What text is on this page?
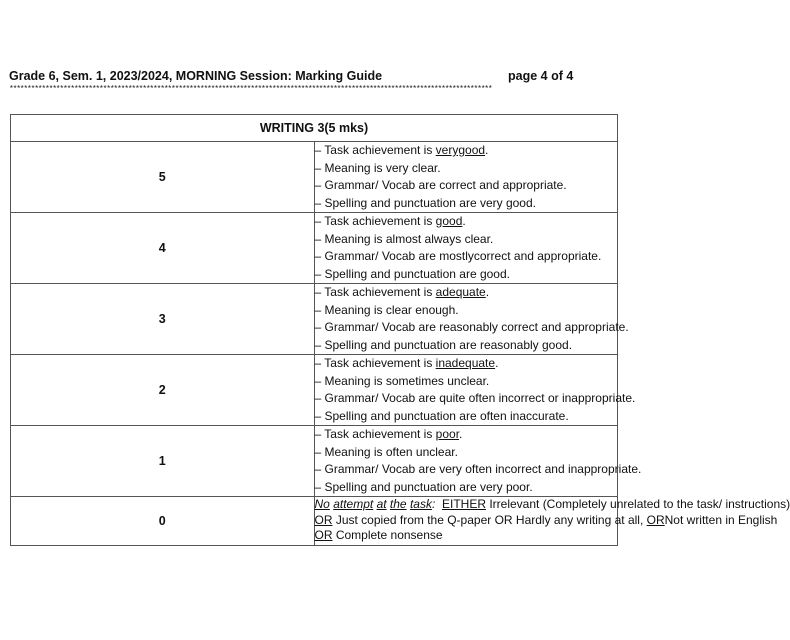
Grade 6, Sem. 1, 2023/2024, MORNING Session: Marking Guide	page 4 of 4
**************************************************************************************************************************************
WRITING 3(5 mks)	
5	– Task achievement is verygood.
– Meaning is very clear.
– Grammar/ Vocab are correct and appropriate.
– Spelling and punctuation are very good.

4	– Task achievement is good.
– Meaning is almost always clear.
– Grammar/ Vocab are mostlycorrect and appropriate.
– Spelling and punctuation are good.

3	– Task achievement is adequate.
– Meaning is clear enough.
– Grammar/ Vocab are reasonably correct and appropriate.
– Spelling and punctuation are reasonably good.

2	– Task achievement is inadequate.
– Meaning is sometimes unclear.
– Grammar/ Vocab are quite often incorrect or inappropriate.
– Spelling and punctuation are often inaccurate.

1	– Task achievement is poor.
– Meaning is often unclear.
– Grammar/ Vocab are very often incorrect and inappropriate.
– Spelling and punctuation are very poor.

0	No attempt at the task: EITHER Irrelevant (Completely unrelated to the task/ instructions)
OR Just copied from the Q-paper OR Hardly any writing at all, ORNot written in English
OR Complete nonsense
